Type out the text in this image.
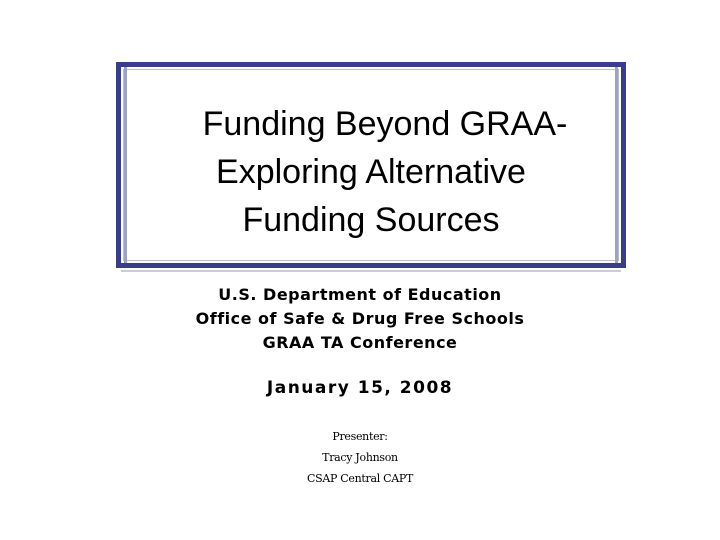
Funding Beyond GRAA-
Exploring Alternative
Funding Sources
U.S. Department of Education
Office of Safe & Drug Free Schools
GRAA TA Conference
January 15, 2008
Presenter:
Tracy Johnson
CSAP Central CAPT
